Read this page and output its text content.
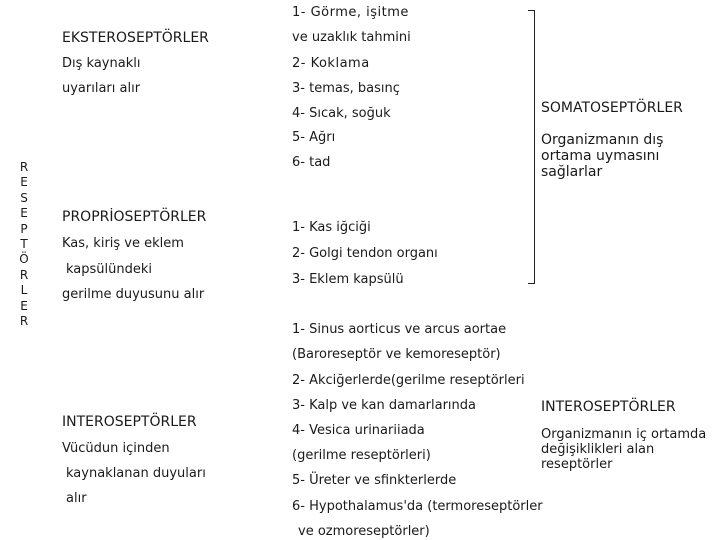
RESEPTÖRLER
EKSTEROSEPTÖRLER
Dış kaynaklı
uyarıları alır
1- Görme, işitme
ve uzaklık tahmini
2- Koklama
3- temas, basınç
4- Sıcak, soğuk
5- Ağrı
6- tad
PROPRİOSEPTÖRLER
Kas, kiriş ve eklem
kapsülündeki
gerilme duyusunu alır
1- Kas iğciği
2- Golgi tendon organı
3- Eklem kapsülü
SOMATOSEPTÖRLER
Organizmanın dış
ortama uymasını
sağlarlar
INTEROSEPTÖRLER
Vücüdun içinden
kaynaklanan duyuları
alır
1- Sinus aorticus ve arcus aortae
(Baroreseptör ve kemoreseptör)
2- Akciğerlerde(gerilme reseptörleri
3- Kalp ve kan damarlarında
4- Vesica urinariiada
(gerilme reseptörleri)
5- Üreter ve sfinkterlerde
6- Hypothalamus'da (termoreseptörler
ve ozmoreseptörler)
INTEROSEPTÖRLER
Organizmanın iç ortamda
değişiklikleri alan
reseptörler
